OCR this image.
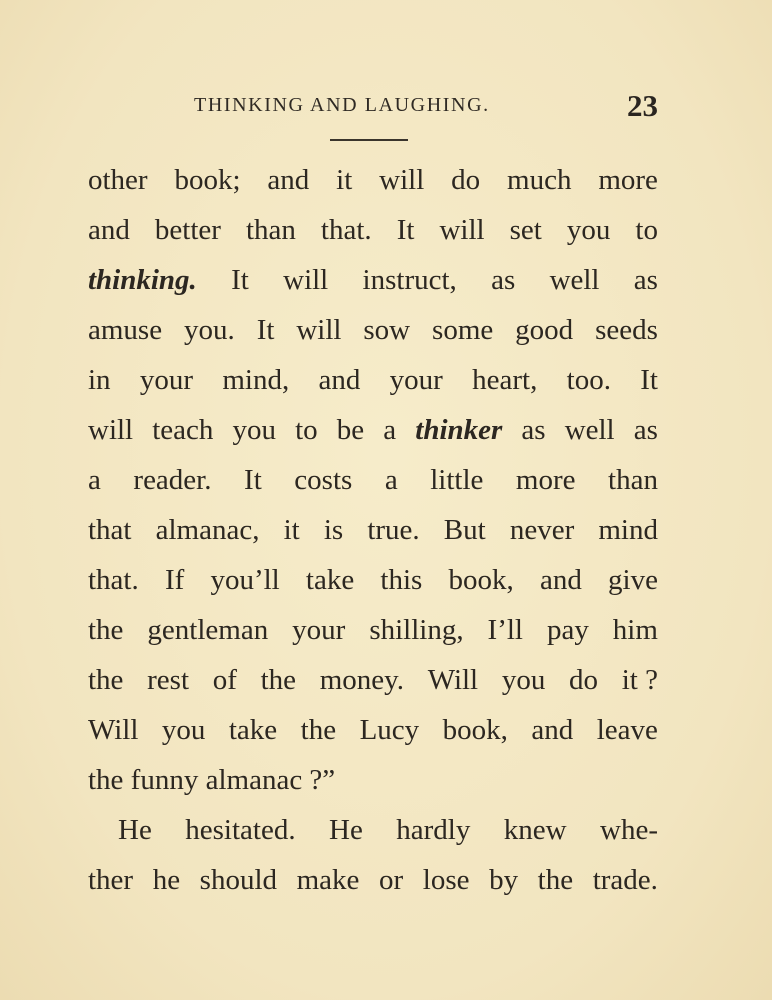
THINKING AND LAUGHING.	23
other book; and it will do much more
and better than that. It will set you to
thinking. It will instruct, as well as
amuse you. It will sow some good seeds
in your mind, and your heart, too. It
will teach you to be a thinker as well as
a reader. It costs a little more than
that almanac, it is true. But never mind
that. If you’ll take this book, and give
the gentleman your shilling, I’ll pay him
the rest of the money. Will you do it ?
Will you take the Lucy book, and leave
the funny almanac ?”
He hesitated. He hardly knew whe-
ther he should make or lose by the trade.
